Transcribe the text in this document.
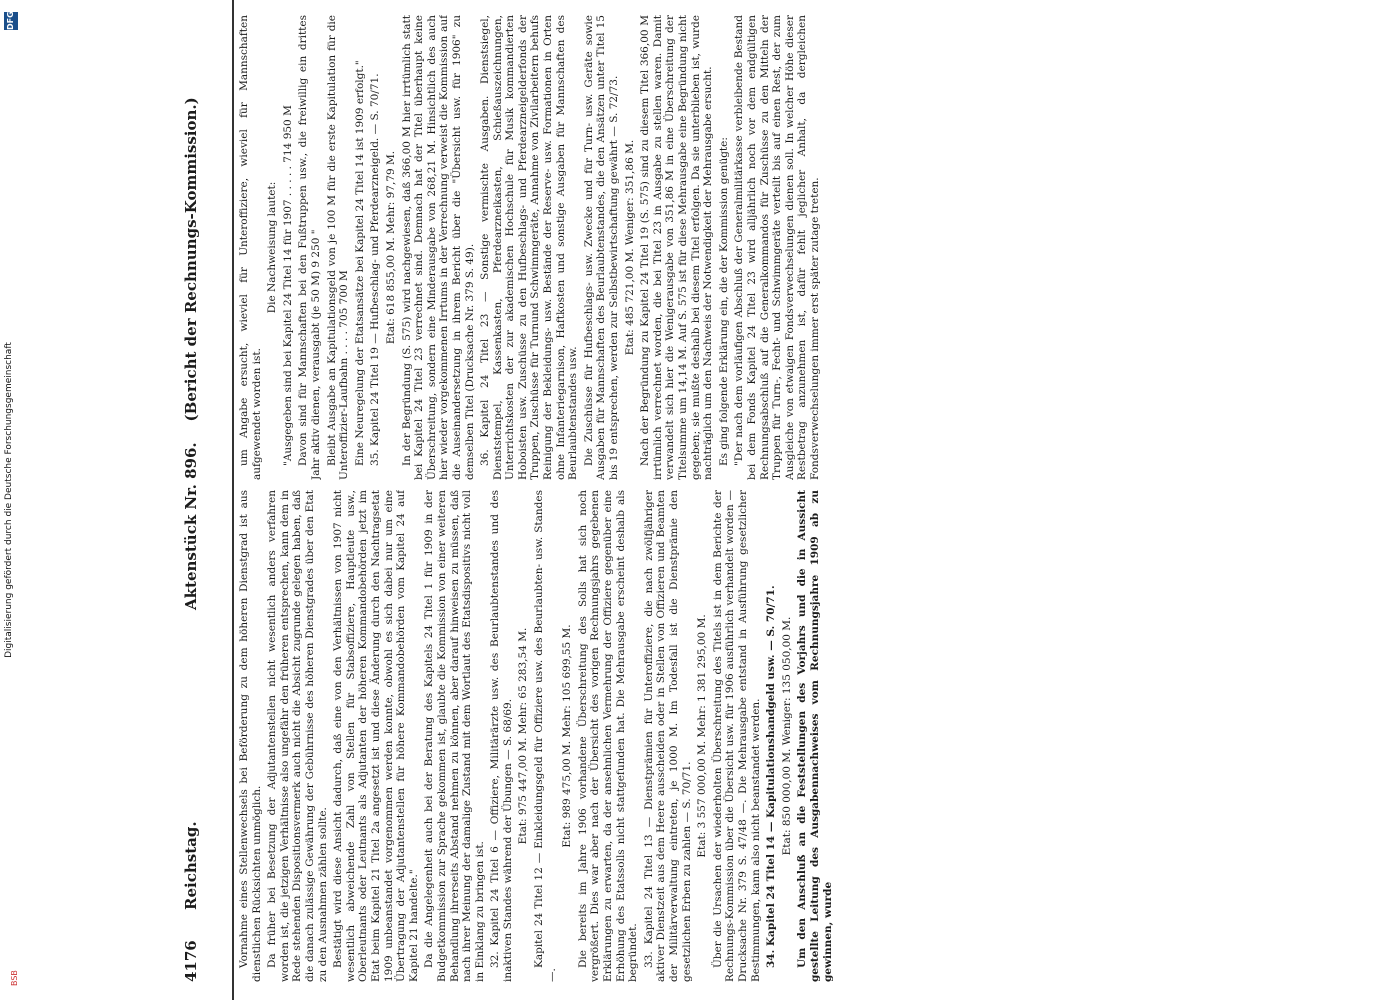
Digitalisierung gefördert durch die Deutsche Forschungsgemeinschaft
BSB	4176
Reichstag.
Aktenstück Nr. 896.    (Bericht der Rechnungs-Kommission.)

Vornahme eines Stellenwechsels bei Beförderung zu dem höheren Dienstgrad ist aus dienstlichen Rücksichten unmöglich. Da früher bei Besetzung der Adjutantenstellen nicht wesentlich anders verfahren worden ist, die jetzigen Verhältnisse also ungefähr den früheren entsprechen, kann dem in Rede stehenden Dispositionsvermerk auch nicht die Absicht zugrunde gelegen haben, daß die danach zulässige Gewährung der Gebührnisse des höheren Dienstgrades über den Etat zu den Ausnahmen zählen sollte. Bestätigt wird diese Ansicht dadurch, daß eine von den Verhältnissen von 1907 nicht wesentlich abweichende Zahl von Stellen für Stabsoffiziere, Hauptleute usw., Oberleutnants oder Leutnants als Adjutanten der höheren Kommandobehörden jetzt im Etat beim Kapitel 21 Titel 2a angesetzt ist und diese Änderung durch den Nachtragsetat 1909 unbeanstandet vorgenommen werden konnte, obwohl es sich dabei nur um eine Übertragung der Adjutantenstellen für höhere Kommandobehörden vom Kapitel 24 auf Kapitel 21 handelte." Da die Angelegenheit auch bei der Beratung des Kapitels 24 Titel 1 für 1909 in der Budgetkommission zur Sprache gekommen ist, glaubte die Kommission von einer weiteren Behandlung ihrerseits Abstand nehmen zu können, aber darauf hinweisen zu müssen, daß nach ihrer Meinung der damalige Zustand mit dem Wortlaut des Etatsdispositivs nicht voll in Einklang zu bringen ist. 32. Kapitel 24 Titel 6 — Offiziere, Militärärzte usw. des Beurlaubtenstandes und des inaktiven Standes während der Übungen — S. 68/69. Etat: 975 447,00 M. Mehr: 65 283,54 M. Kapitel 24 Titel 12 — Einkleidungsgeld für Offiziere usw. des Beurlaubten- usw. Standes —.

Etat: 989 475,00 M. Mehr: 105 699,55 M. Die bereits im Jahre 1906 vorhandene Überschreitung des Solls hat sich noch vergrößert. Dies war aber nach der Übersicht des vorigen Rechnungsjahrs gegebenen Erklärungen zu erwarten, da der ansehnlichen Vermehrung der Offiziere gegenüber eine Erhöhung des Etatssolls nicht stattgefunden hat. Die Mehrausgabe erscheint deshalb als begründet. 33. Kapitel 24 Titel 13 — Dienstprämien für Unteroffiziere, die nach zwölfjähriger aktiver Dienstzeit aus dem Heere ausscheiden oder in Stellen von Offizieren und Beamten der Militärverwaltung eintreten, je 1000 M. Im Todesfall ist die Dienstprämie den gesetzlichen Erben zu zahlen — S. 70/71.

Etat: 3 557 000,00 M. Mehr: 1 381 295,00 M. Über die Ursachen der wiederholten Überschreitung des Titels ist in dem Berichte der Rechnungs-Kommission über die Übersicht usw. für 1906 ausführlich verhandelt worden — Drucksache Nr. 379 S. 47/48 —. Die Mehrausgabe entstand in Ausführung gesetzlicher Bestimmungen, kann also nicht beanstandet werden. 34. Kapitel 24 Titel 14 — Kapitulationshandgeld usw. — S. 70/71. Etat: 850 000,00 M. Weniger: 135 050,00 M. Um den Anschluß an die Feststellungen des Vorjahrs und die in Aussicht gestellte Leitung des Ausgabennachweises vom Rechnungsjahre 1909 ab zu gewinnen, wurde

um Angabe ersucht, wieviel für Unteroffiziere, wieviel für Mannschaften aufgewendet worden ist.

Die Nachweisung lautet: "Ausgegeben sind bei Kapitel 24 Titel 14 für 1907 . . . . . 714 950 M Davon sind für Mannschaften bei den Fußtruppen usw., die freiwillig ein drittes Jahr aktiv dienen, verausgabt (je 50 M) 9 250 " Bleibt Ausgabe an Kapitulationsgeld von je 100 M für die erste Kapitulation für die Unteroffizier-Laufbahn . . . . 705 700 M Eine Neuregelung der Etatsansätze bei Kapitel 24 Titel 14 ist 1909 erfolgt." 35. Kapitel 24 Titel 19 — Hufbeschlag- und Pferdearzneigeld. — S. 70/71. Etat: 618 855,00 M. Mehr: 97,79 M. In der Begründung (S. 575) wird nachgewiesen, daß 366,00 M hier irrtümlich statt bei Kapitel 24 Titel 23 verrechnet sind. Demnach hat der Titel überhaupt keine Überschreitung, sondern eine Minderausgabe von 268,21 M. Hinsichtlich des auch hier wieder vorgekommenen Irrtums in der Verrechnung verweist die Kommission auf die Auseinandersetzung in ihrem Bericht über die "Übersicht usw. für 1906" zu demselben Titel (Drucksache Nr. 379 S. 49). 36. Kapitel 24 Titel 23 — Sonstige vermischte Ausgaben. Dienstsiegel, Dienststempel, Kassenkasten, Pferdearzneikasten, Schießauszeichnungen, Unterrichtskosten der zur akademischen Hochschule für Musik kommandierten Hoboisten usw. Zuschüsse zu den Hufbeschlags- und Pferdearzneigelderfonds der Truppen, Zuschüsse für Turnund Schwimmgeräte, Annahme von Zivilarbeitern behufs Reinigung der Bekleidungs- usw. Bestände der Reserve- usw. Formationen in Orten ohne Infanteriegarnison, Haftkosten und sonstige Ausgaben für Mannschaften des Beurlaubtenstandes usw. Die Zuschüsse für Hufbeschlags- usw. Zwecke und für Turn- usw. Geräte sowie Ausgaben für Mannschaften des Beurlaubtenstandes, die den Ansätzen unter Titel 15 bis 19 entsprechen, werden zur Selbstbewirtschaftung gewährt — S. 72/73. Etat: 485 721,00 M. Weniger: 351,86 M. Nach der Begründung zu Kapitel 24 Titel 19 (S. 575) sind zu diesem Titel 366,00 M irrtümlich verrechnet worden, die bei Titel 23 in Ausgabe zu stellen waren. Damit verwandelt sich hier die Wenigerausgabe von 351,86 M in eine Überschreitung der Titelsumme um 14,14 M. Auf S. 575 ist für diese Mehrausgabe eine Begründung nicht gegeben; sie mußte deshalb bei diesem Titel erfolgen. Da sie unterblieben ist, wurde nachträglich um den Nachweis der Notwendigkeit der Mehrausgabe ersucht. Es ging folgende Erklärung ein, die der Kommission genügte: "Der nach dem vorläufigen Abschluß der Generalmilitärkasse verbleibende Bestand bei dem Fonds Kapitel 24 Titel 23 wird alljährlich noch vor dem endgültigen Rechnungsabschluß auf die Generalkommandos für Zuschüsse zu den Mitteln der Truppen für Turn-, Fecht- und Schwimmgeräte verteilt bis auf einen Rest, der zum Ausgleiche von etwaigen Fondsverwechselungen dienen soll. In welcher Höhe dieser Restbetrag anzunehmen ist, dafür fehlt jeglicher Anhalt, da dergleichen Fondsverwechselungen immer erst später zutage treten.

DFG
